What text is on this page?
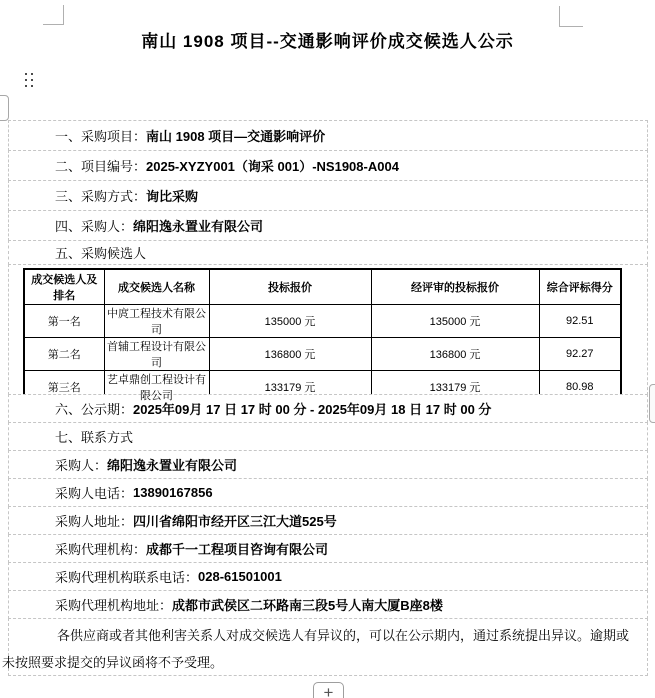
南山 1908 项目--交通影响评价成交候选人公示
一、采购项目： 南山 1908 项目—交通影响评价
二、项目编号： 2025-XYZY001（询采 001）-NS1908-A004
三、采购方式： 询比采购
四、采购人： 绵阳逸永置业有限公司
五、采购候选人
成交候选人及排名	成交候选人名称	投标报价	经评审的投标报价	综合评标得分
第一名	中庹工程技术有限公司	135000 元	135000 元	92.51
第二名	首辅工程设计有限公司	136800 元	136800 元	92.27
第三名	艺卓鼎创工程设计有限公司	133179 元	133179 元	80.98
六、公示期： 2025年09月 17 日 17 时 00 分 - 2025年09月 18 日 17 时 00 分
七、联系方式
采购人： 绵阳逸永置业有限公司
采购人电话： 13890167856
采购人地址： 四川省绵阳市经开区三江大道525号
采购代理机构： 成都千一工程项目咨询有限公司
采购代理机构联系电话： 028-61501001
采购代理机构地址： 成都市武侯区二环路南三段5号人南大厦B座8楼

各供应商或者其他利害关系人对成交候选人有异议的，可以在公示期内，通过系统提出异议。逾期或未按照要求提交的异议函将不予受理。

+
